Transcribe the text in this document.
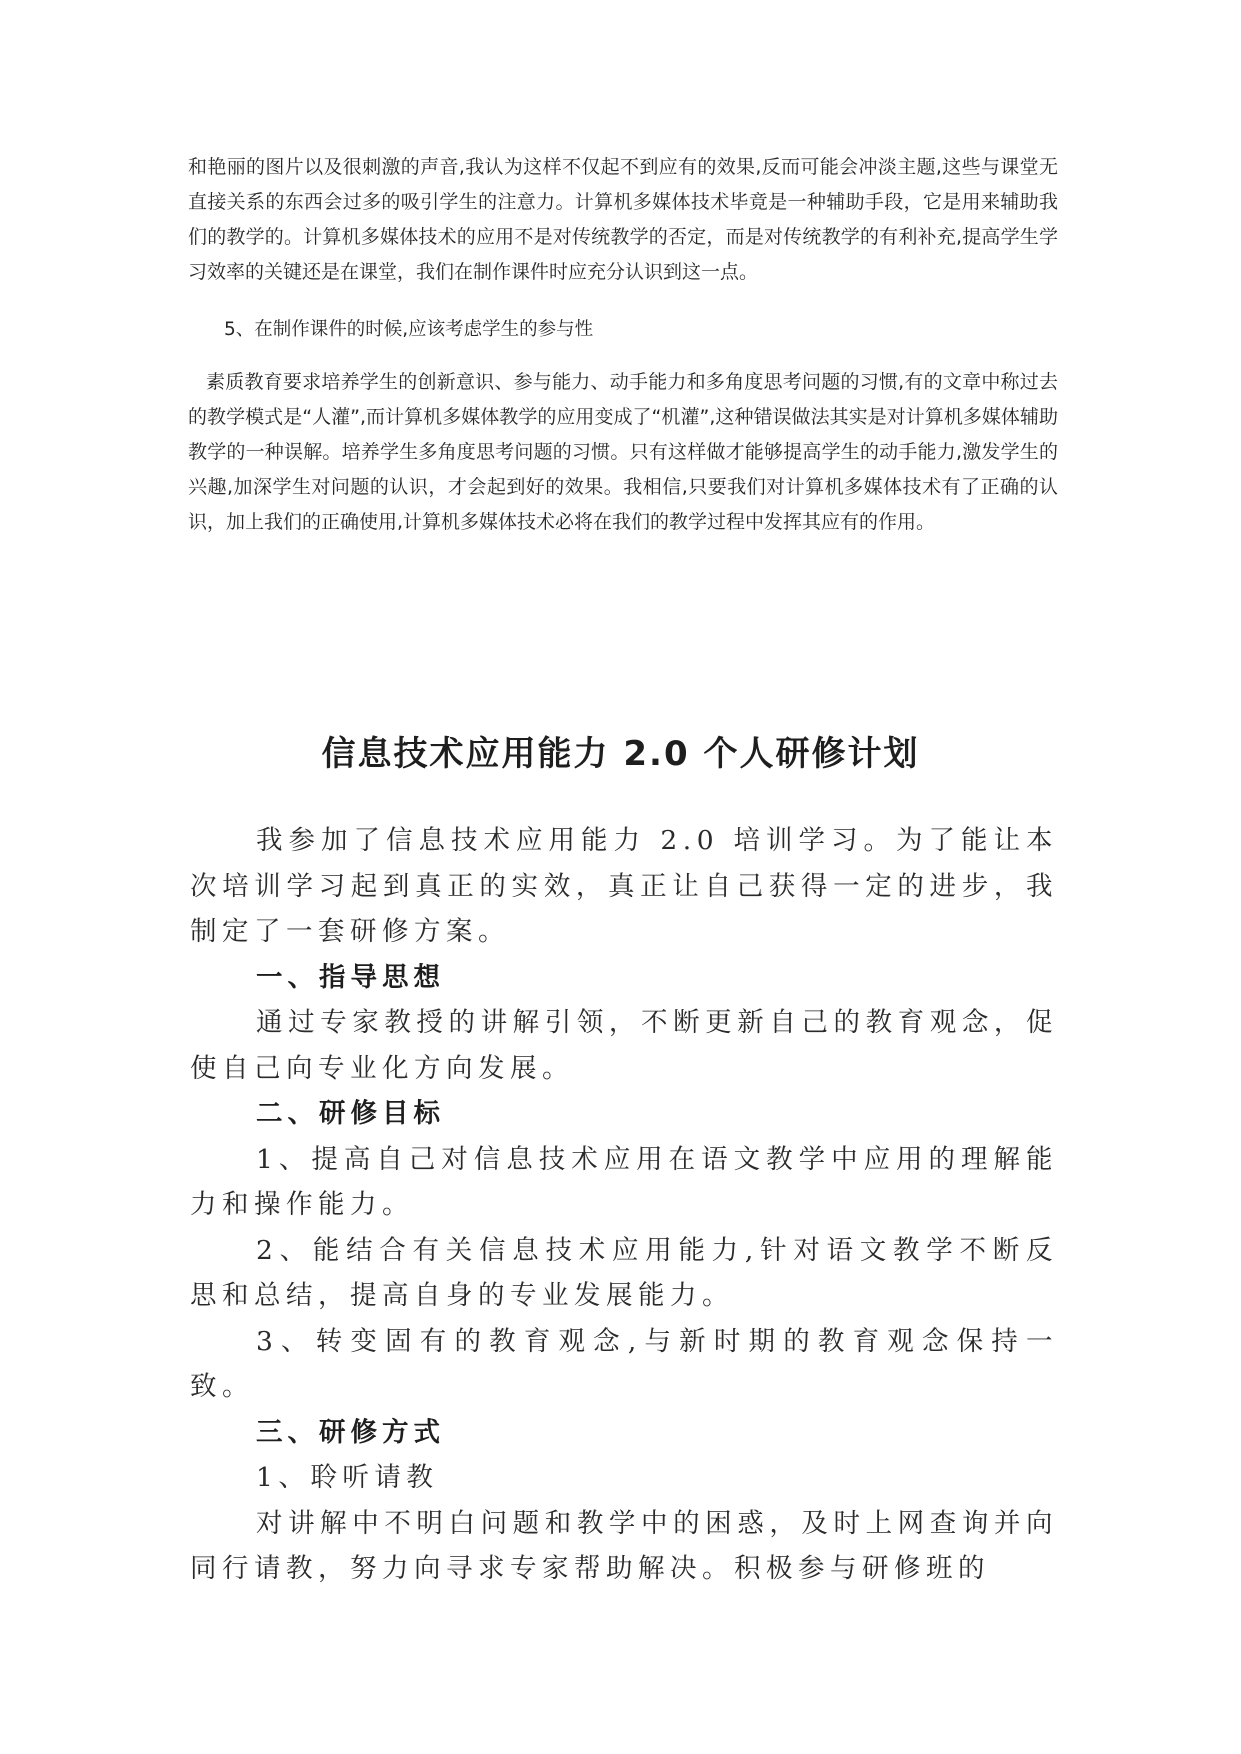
和艳丽的图片以及很刺激的声音,我认为这样不仅起不到应有的效果,反而可能会冲淡主题,这些与课堂无直接关系的东西会过多的吸引学生的注意力。计算机多媒体技术毕竟是一种辅助手段，它是用来辅助我们的教学的。计算机多媒体技术的应用不是对传统教学的否定，而是对传统教学的有利补充,提高学生学习效率的关键还是在课堂，我们在制作课件时应充分认识到这一点。

5、在制作课件的时候,应该考虑学生的参与性

素质教育要求培养学生的创新意识、参与能力、动手能力和多角度思考问题的习惯,有的文章中称过去的教学模式是“人灌”,而计算机多媒体教学的应用变成了“机灌”,这种错误做法其实是对计算机多媒体辅助教学的一种误解。培养学生多角度思考问题的习惯。只有这样做才能够提高学生的动手能力,激发学生的兴趣,加深学生对问题的认识，才会起到好的效果。我相信,只要我们对计算机多媒体技术有了正确的认识，加上我们的正确使用,计算机多媒体技术必将在我们的教学过程中发挥其应有的作用。

信息技术应用能力 2.0 个人研修计划

我参加了信息技术应用能力 2.0 培训学习。为了能让本次培训学习起到真正的实效，真正让自己获得一定的进步，我制定了一套研修方案。

一、指导思想

通过专家教授的讲解引领，不断更新自己的教育观念，促使自己向专业化方向发展。

二、研修目标

1、提高自己对信息技术应用在语文教学中应用的理解能力和操作能力。

2、能结合有关信息技术应用能力,针对语文教学不断反思和总结，提高自身的专业发展能力。

3、转变固有的教育观念,与新时期的教育观念保持一致。

三、研修方式

1、聆听请教

对讲解中不明白问题和教学中的困惑，及时上网查询并向同行请教，努力向寻求专家帮助解决。积极参与研修班的
